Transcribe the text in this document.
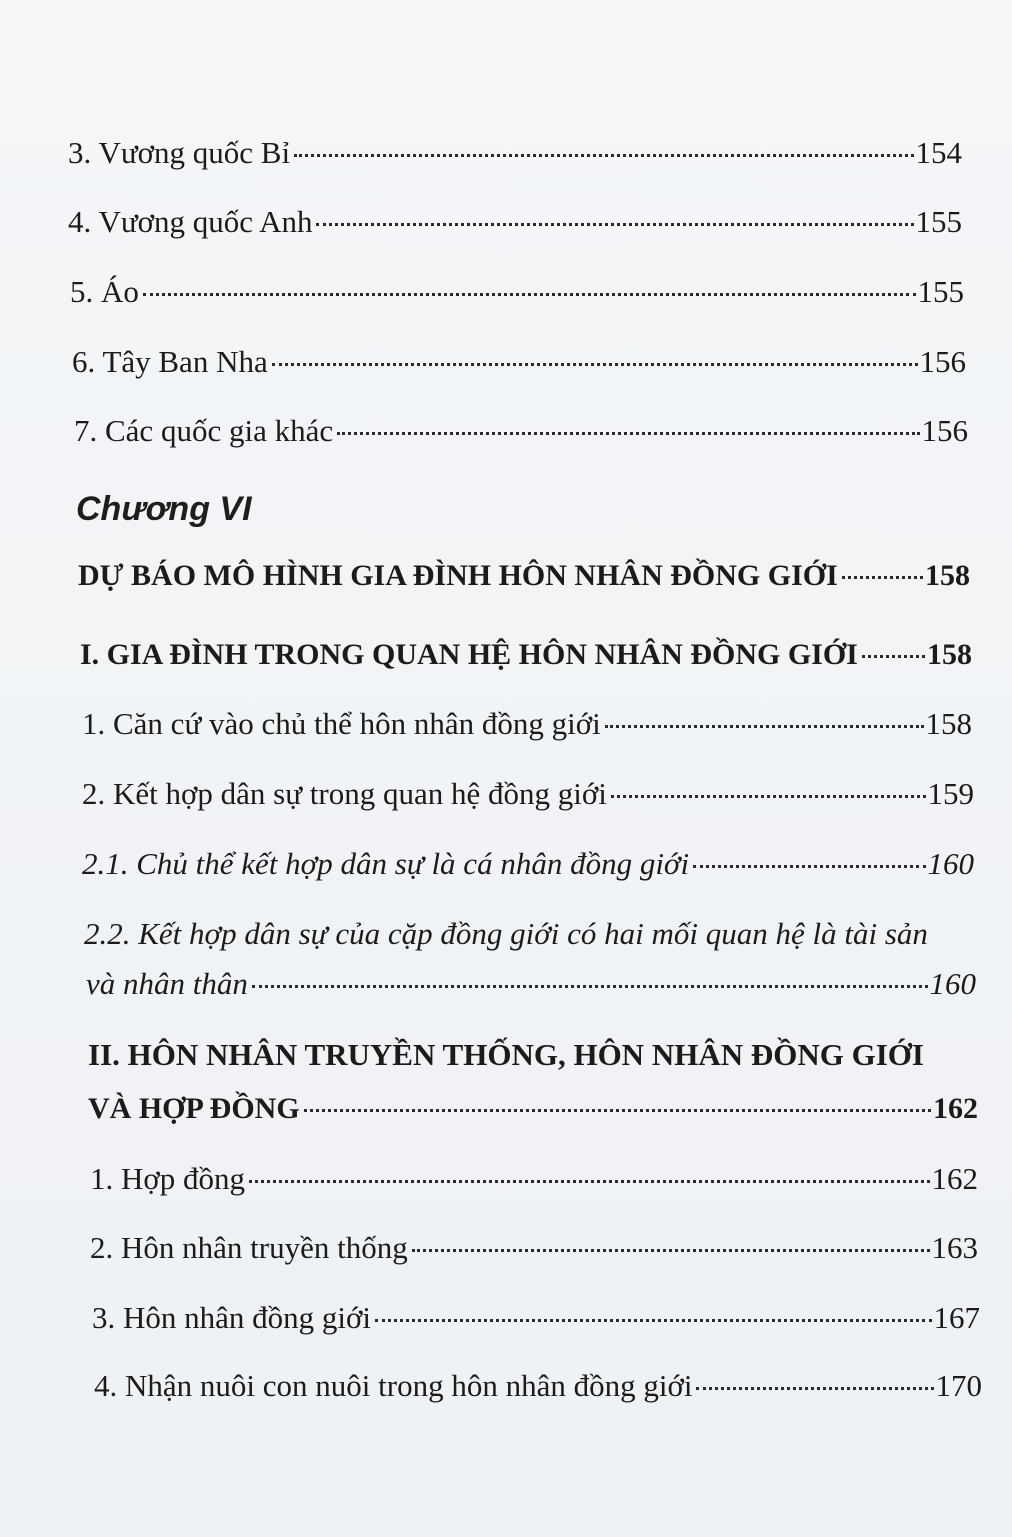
3. Vương quốc Bỉ	154
4. Vương quốc Anh	155
5. Áo	155
6. Tây Ban Nha	156
7. Các quốc gia khác	156
Chương VI
DỰ BÁO MÔ HÌNH GIA ĐÌNH HÔN NHÂN ĐỒNG GIỚI	158
I. GIA ĐÌNH TRONG QUAN HỆ HÔN NHÂN ĐỒNG GIỚI 158
1. Căn cứ vào chủ thể hôn nhân đồng giới	158
2. Kết hợp dân sự trong quan hệ đồng giới	159
2.1. Chủ thể kết hợp dân sự là cá nhân đồng giới	160
2.2. Kết hợp dân sự của cặp đồng giới có hai mối quan hệ là tài sản
và nhân thân	160
II. HÔN NHÂN TRUYỀN THỐNG, HÔN NHÂN ĐỒNG GIỚI
VÀ HỢP ĐỒNG	162
1. Hợp đồng	162
2. Hôn nhân truyền thống	163
3. Hôn nhân đồng giới	167
4. Nhận nuôi con nuôi trong hôn nhân đồng giới	170
